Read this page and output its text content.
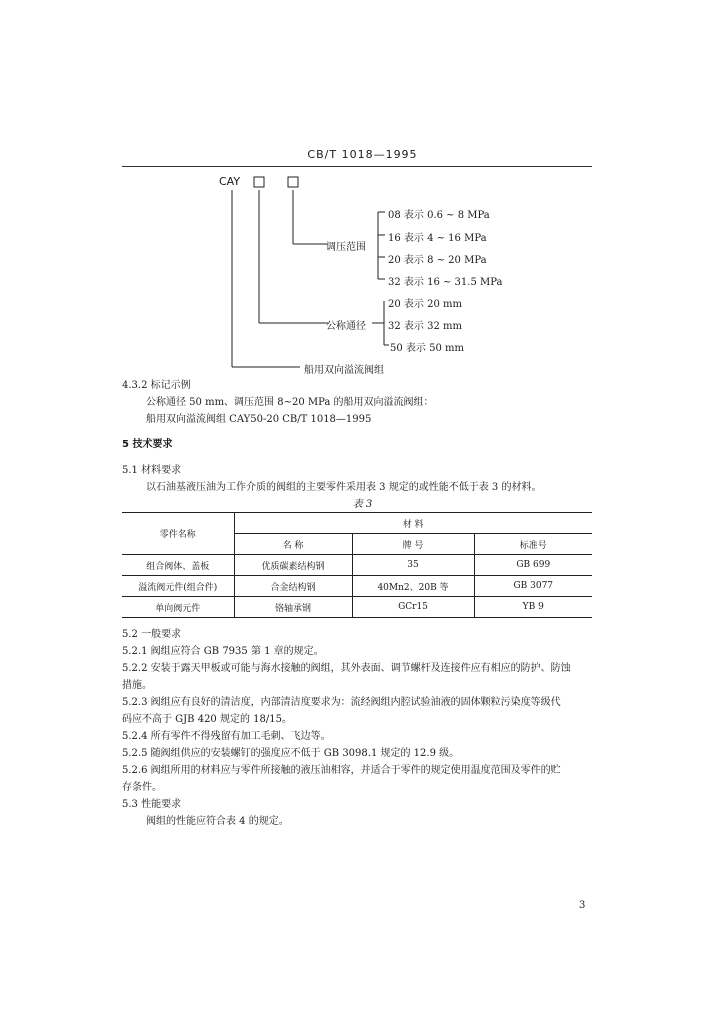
CB/T 1018—1995
CAY
调压范围
08 表示 0.6 ~ 8 MPa
16 表示 4 ~ 16 MPa
20 表示 8 ~ 20 MPa
32 表示 16 ~ 31.5 MPa
公称通径
20 表示 20 mm
32 表示 32 mm
50 表示 50 mm
船用双向溢流阀组
4.3.2 标记示例
公称通径 50 mm、调压范围 8~20 MPa 的船用双向溢流阀组：
船用双向溢流阀组 CAY50-20 CB/T 1018—1995
5 技术要求
5.1 材料要求
以石油基液压油为工作介质的阀组的主要零件采用表 3 规定的或性能不低于表 3 的材料。
表 3
零件名称	材 料		
	名 称	牌 号	标准号
组合阀体、盖板	优质碳素结构钢	35	GB 699
溢流阀元件(组合件)	合金结构钢	40Mn2、20B 等	GB 3077
单向阀元件	铬轴承钢	GCr15	YB 9
5.2 一般要求
5.2.1 阀组应符合 GB 7935 第 1 章的规定。
5.2.2 安装于露天甲板或可能与海水接触的阀组，其外表面、调节螺杆及连接件应有相应的防护、防蚀
措施。
5.2.3 阀组应有良好的清洁度，内部清洁度要求为：流经阀组内腔试验油液的固体颗粒污染度等级代
码应不高于 GJB 420 规定的 18/15。
5.2.4 所有零件不得残留有加工毛刺、飞边等。
5.2.5 随阀组供应的安装螺钉的强度应不低于 GB 3098.1 规定的 12.9 级。
5.2.6 阀组所用的材料应与零件所接触的液压油相容，并适合于零件的规定使用温度范围及零件的贮
存条件。
5.3 性能要求
阀组的性能应符合表 4 的规定。
3
